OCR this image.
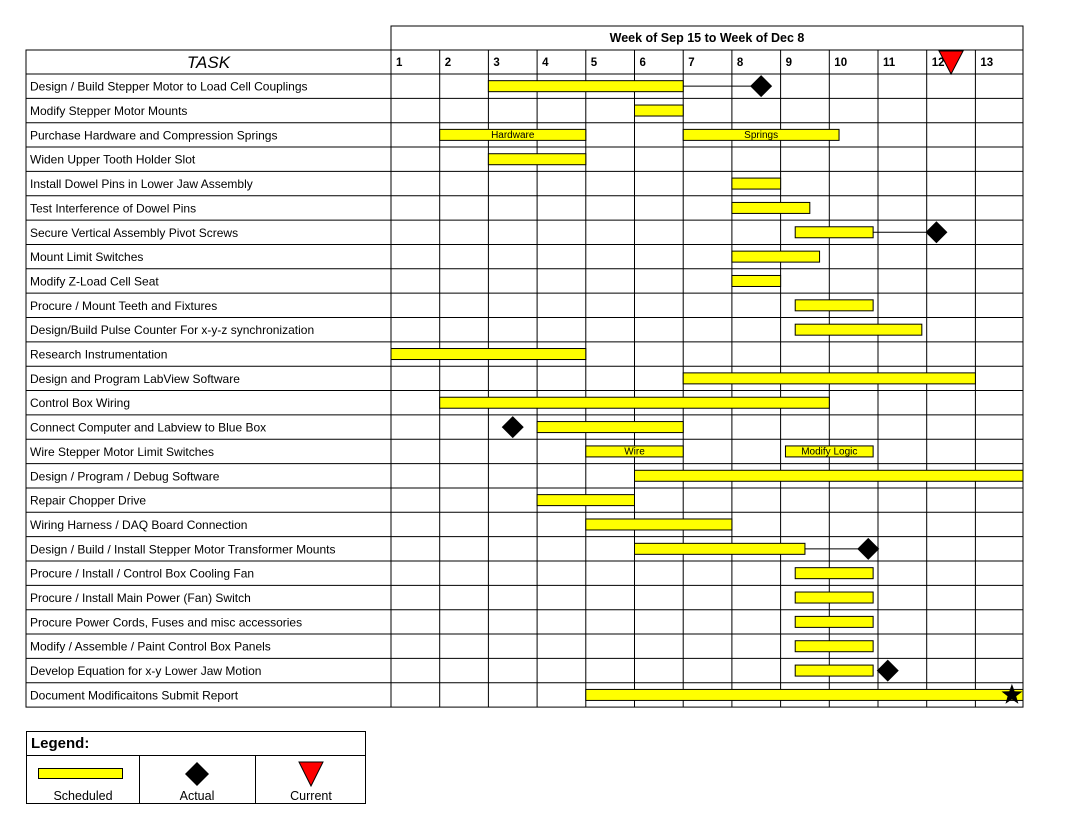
Week of Sep 15 to Week of Dec 8
TASK	1	2	3	4	5	6	7	8	9	10	11	12	13
Design / Build Stepper Motor to Load Cell Couplings
Modify Stepper Motor Mounts
Purchase Hardware and Compression Springs	Hardware	Springs
Widen Upper Tooth Holder Slot
Install Dowel Pins in Lower Jaw Assembly
Test Interference of Dowel Pins
Secure Vertical Assembly Pivot Screws
Mount Limit Switches
Modify Z-Load Cell Seat
Procure / Mount Teeth and Fixtures
Design/Build Pulse Counter For x-y-z synchronization
Research Instrumentation
Design and Program LabView Software
Control Box Wiring
Connect Computer and Labview to Blue Box
Wire Stepper Motor Limit Switches	Wire	Modify Logic
Design / Program / Debug Software
Repair Chopper Drive
Wiring Harness / DAQ Board Connection
Design / Build / Install Stepper Motor Transformer Mounts
Procure / Install / Control Box Cooling Fan
Procure / Install Main Power (Fan) Switch
Procure Power Cords, Fuses and misc accessories
Modify / Assemble / Paint Control Box Panels
Develop Equation for x-y Lower Jaw Motion
Document Modificaitons Submit Report
Legend:
Scheduled	Actual	Current
